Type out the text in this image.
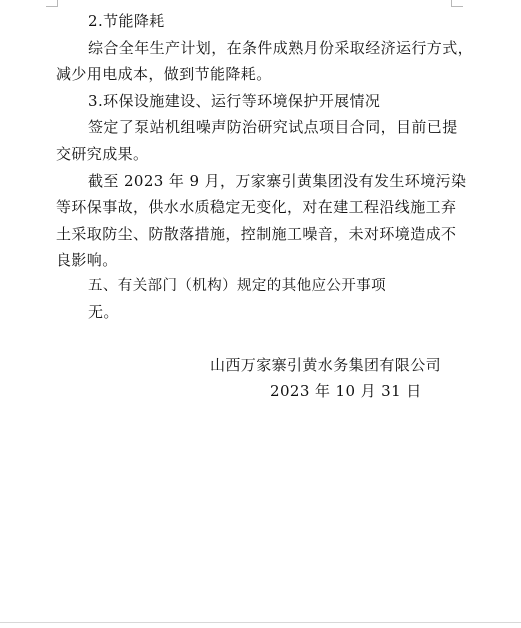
2.节能降耗
综合全年生产计划，在条件成熟月份采取经济运行方式，
减少用电成本，做到节能降耗。
3.环保设施建设、运行等环境保护开展情况
签定了泵站机组噪声防治研究试点项目合同，目前已提
交研究成果。
截至 2023 年 9 月，万家寨引黄集团没有发生环境污染
等环保事故，供水水质稳定无变化，对在建工程沿线施工弃
土采取防尘、防散落措施，控制施工噪音，未对环境造成不
良影响。
五、有关部门（机构）规定的其他应公开事项
无。
山西万家寨引黄水务集团有限公司
2023 年 10 月 31 日
